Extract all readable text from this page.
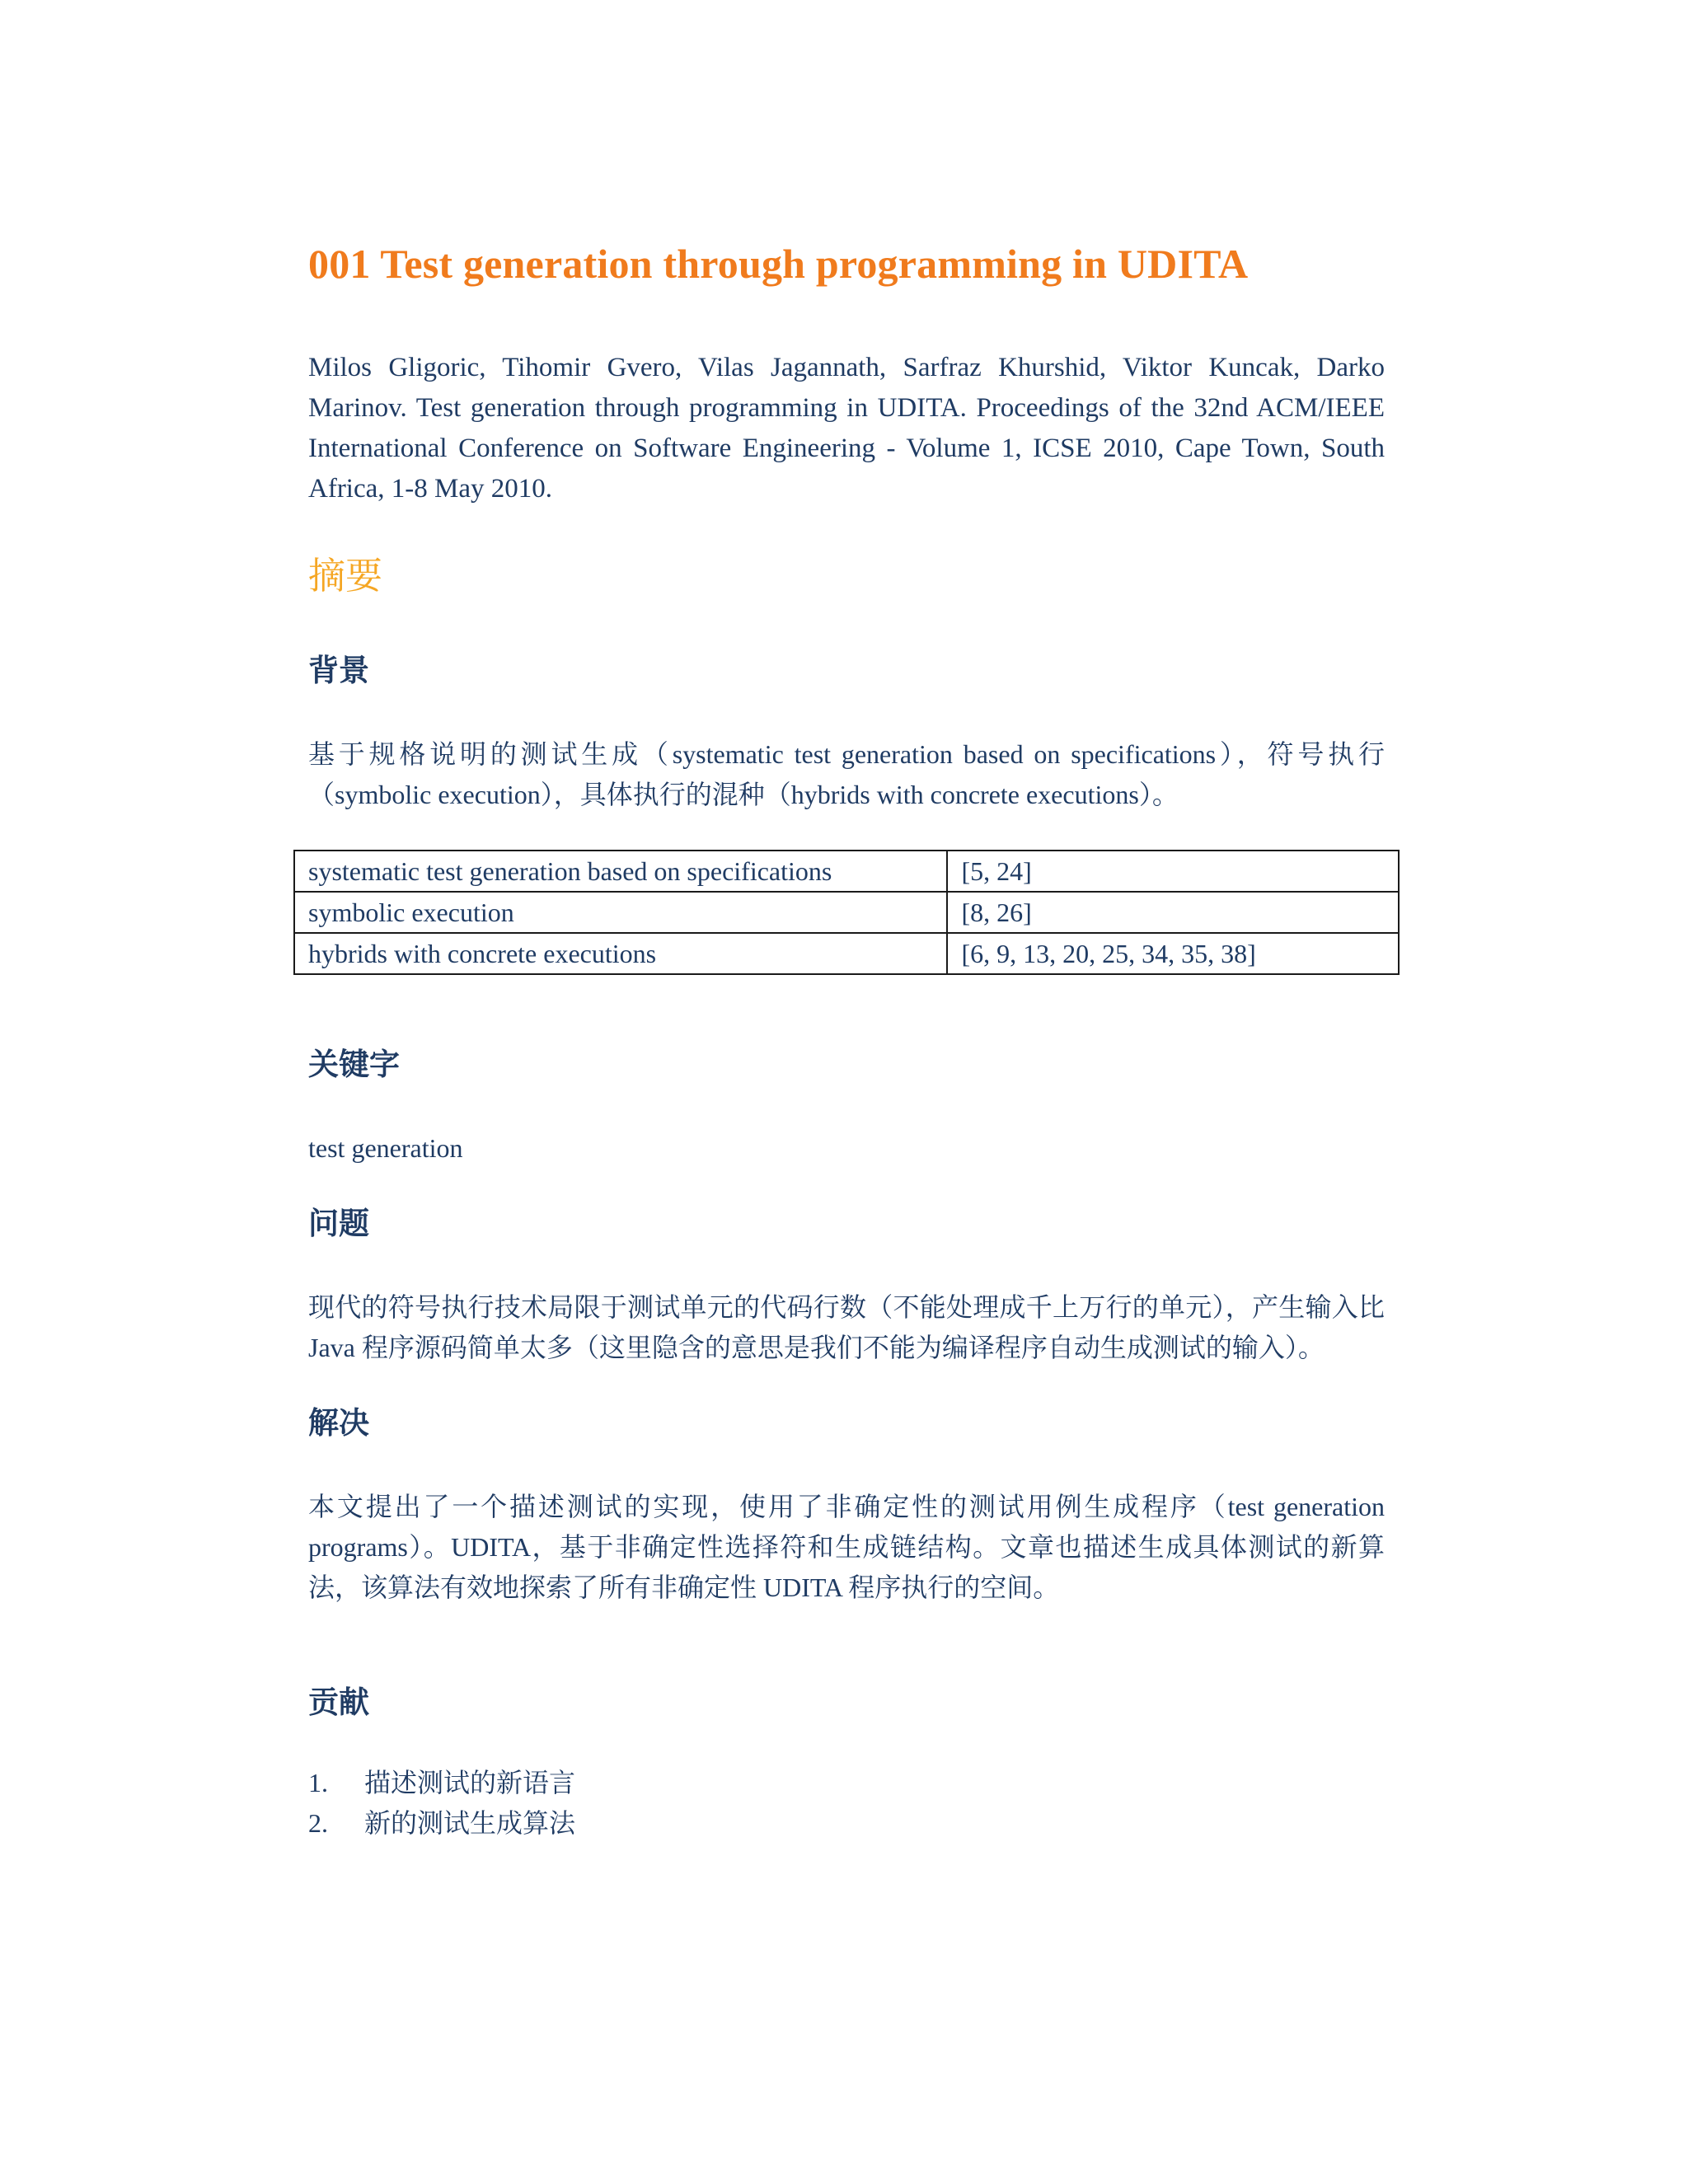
001 Test generation through programming in UDITA

Milos Gligoric, Tihomir Gvero, Vilas Jagannath, Sarfraz Khurshid, Viktor Kuncak, Darko Marinov. Test generation through programming in UDITA. Proceedings of the 32nd ACM/IEEE International Conference on Software Engineering - Volume 1, ICSE 2010, Cape Town, South Africa, 1-8 May 2010.

摘要
背景

基于规格说明的测试生成（systematic test generation based on specifications），符号执行（symbolic execution），具体执行的混种（hybrids with concrete executions）。

systematic test generation based on specifications	[5, 24]
symbolic execution	[8, 26]
hybrids with concrete executions	[6, 9, 13, 20, 25, 34, 35, 38]
关键字

test generation

问题

现代的符号执行技术局限于测试单元的代码行数（不能处理成千上万行的单元），产生输入比 Java 程序源码简单太多（这里隐含的意思是我们不能为编译程序自动生成测试的输入）。

解决

本文提出了一个描述测试的实现，使用了非确定性的测试用例生成程序（test generation programs）。UDITA，基于非确定性选择符和生成链结构。文章也描述生成具体测试的新算法，该算法有效地探索了所有非确定性 UDITA 程序执行的空间。

贡献
1.	描述测试的新语言
2.	新的测试生成算法
